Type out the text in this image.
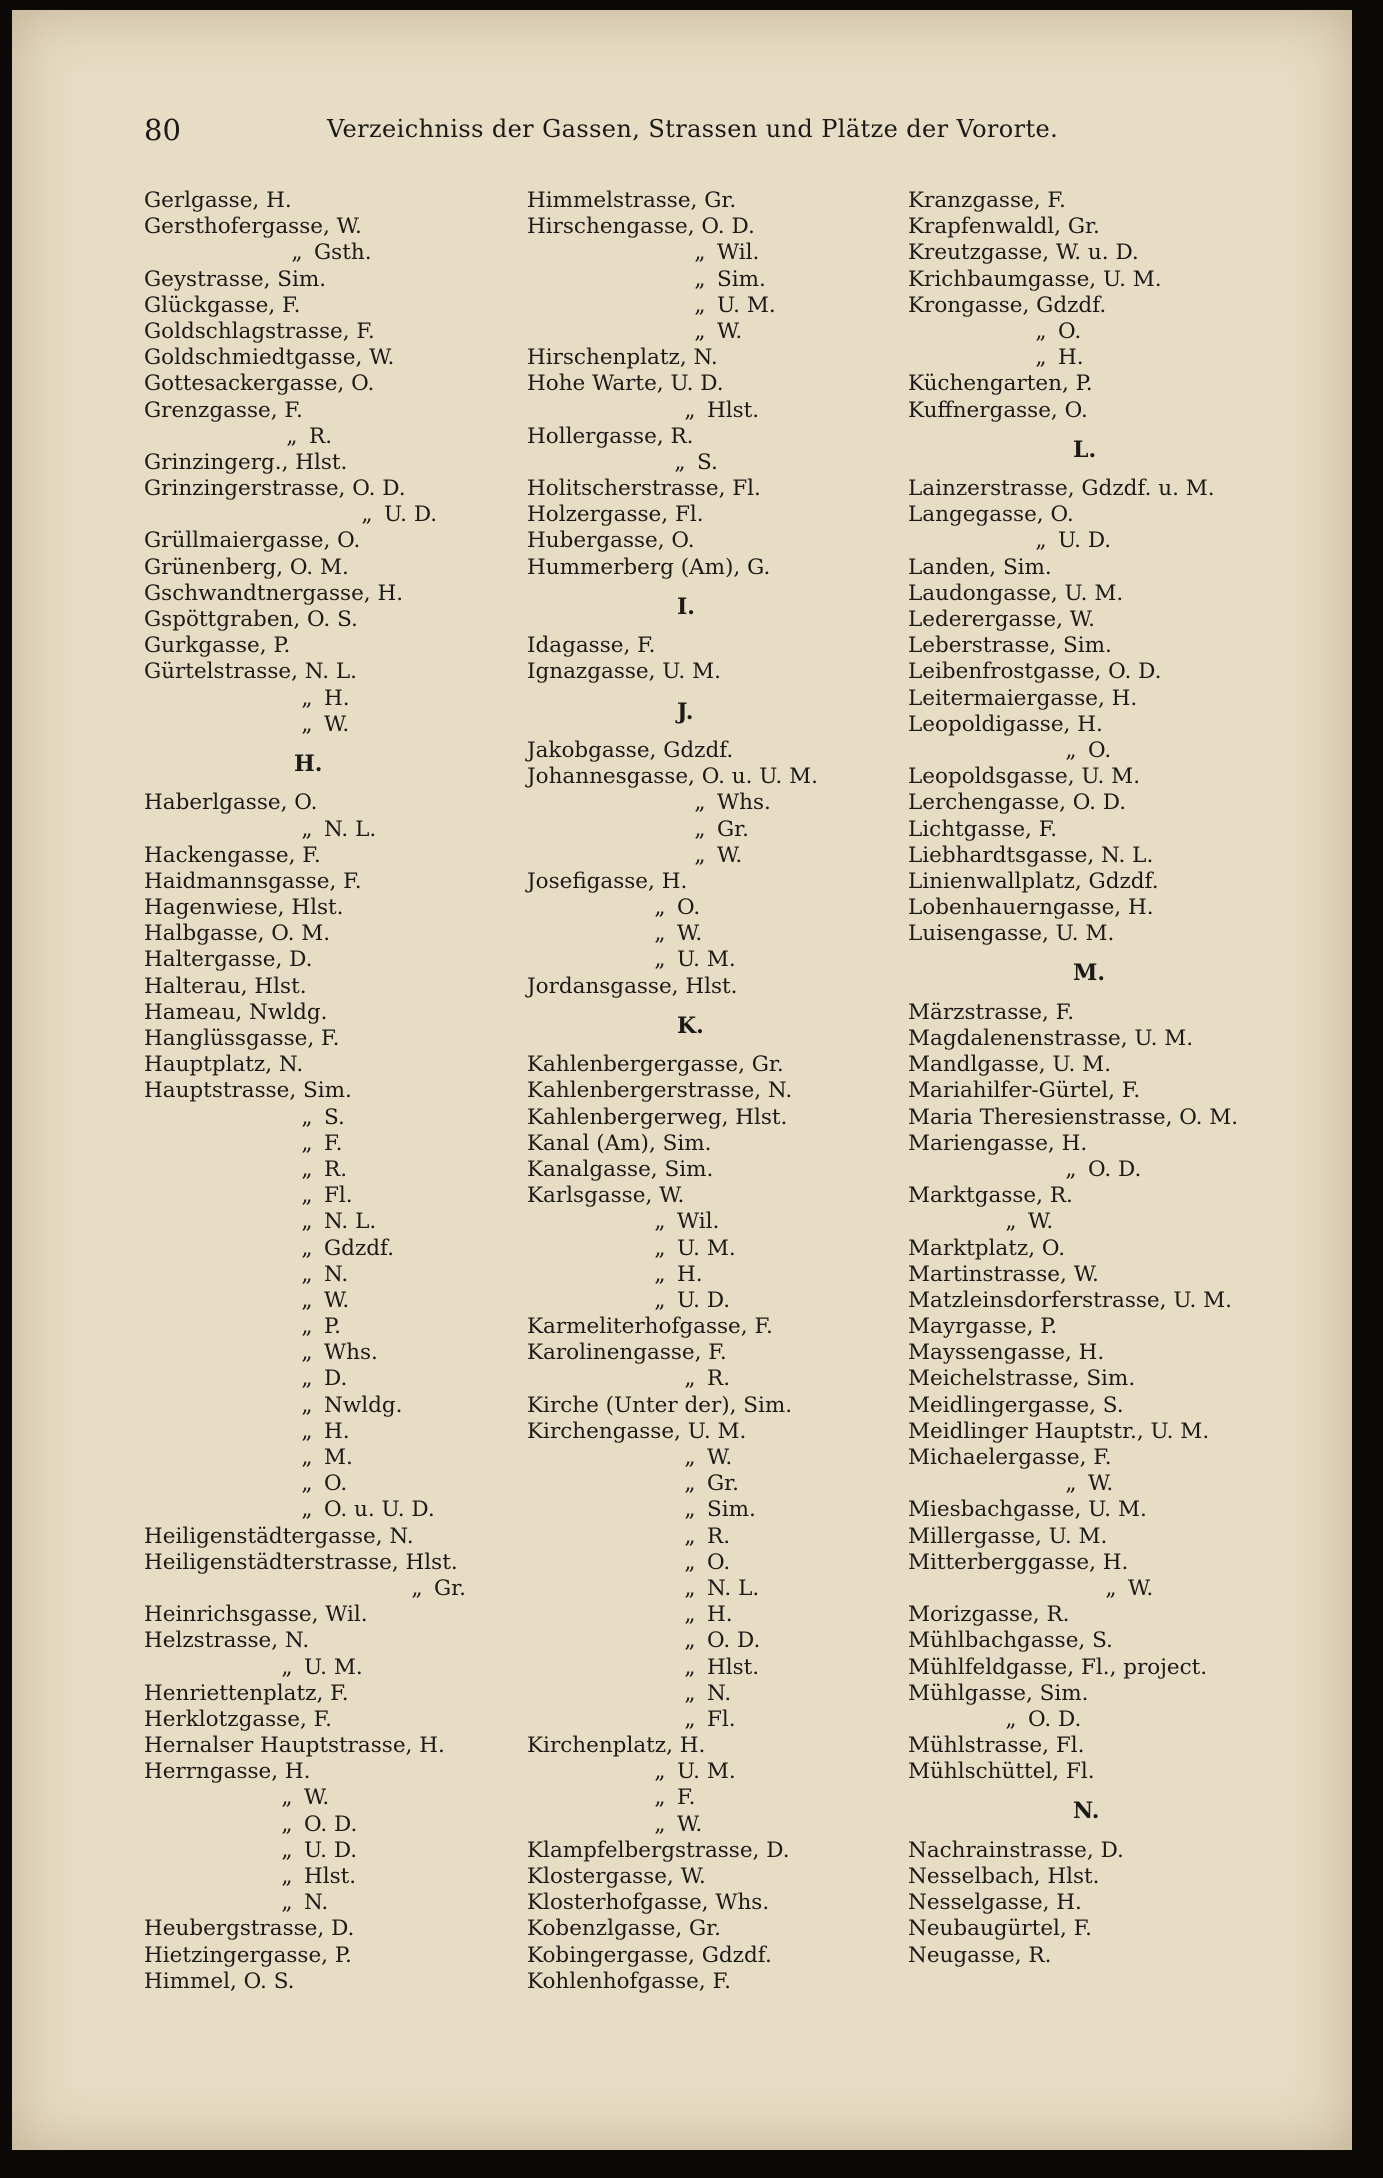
80	Verzeichniss der Gassen, Strassen und Plätze der Vororte.
Gerlgasse, H.
Gersthofergasse, W.
„ Gsth.
Geystrasse, Sim.
Glückgasse, F.
Goldschlagstrasse, F.
Goldschmiedtgasse, W.
Gottesackergasse, O.
Grenzgasse, F.
„ R.
Grinzingerg., Hlst.
Grinzingerstrasse, O. D.
„ U. D.
Grüllmaiergasse, O.
Grünenberg, O. M.
Gschwandtnergasse, H.
Gspöttgraben, O. S.
Gurkgasse, P.
Gürtelstrasse, N. L.
„ H.
„ W.
H.
Haberlgasse, O.
„ N. L.
Hackengasse, F.
Haidmannsgasse, F.
Hagenwiese, Hlst.
Halbgasse, O. M.
Haltergasse, D.
Halterau, Hlst.
Hameau, Nwldg.
Hanglüssgasse, F.
Hauptplatz, N.
Hauptstrasse, Sim.
„ S.
„ F.
„ R.
„ Fl.
„ N. L.
„ Gdzdf.
„ N.
„ W.
„ P.
„ Whs.
„ D.
„ Nwldg.
„ H.
„ M.
„ O.
„ O. u. U. D.
Heiligenstädtergasse, N.
Heiligenstädterstrasse, Hlst.
„ Gr.
Heinrichsgasse, Wil.
Helzstrasse, N.
„ U. M.
Henriettenplatz, F.
Herklotzgasse, F.
Hernalser Hauptstrasse, H.
Herrngasse, H.
„ W.
„ O. D.
„ U. D.
„ Hlst.
„ N.
Heubergstrasse, D.
Hietzingergasse, P.
Himmel, O. S.
Himmelstrasse, Gr.
Hirschengasse, O. D.
„ Wil.
„ Sim.
„ U. M.
„ W.
Hirschenplatz, N.
Hohe Warte, U. D.
„ Hlst.
Hollergasse, R.
„ S.
Holitscherstrasse, Fl.
Holzergasse, Fl.
Hubergasse, O.
Hummerberg (Am), G.
I.
Idagasse, F.
Ignazgasse, U. M.
J.
Jakobgasse, Gdzdf.
Johannesgasse, O. u. U. M.
„ Whs.
„ Gr.
„ W.
Josefigasse, H.
„ O.
„ W.
„ U. M.
Jordansgasse, Hlst.
K.
Kahlenbergergasse, Gr.
Kahlenbergerstrasse, N.
Kahlenbergerweg, Hlst.
Kanal (Am), Sim.
Kanalgasse, Sim.
Karlsgasse, W.
„ Wil.
„ U. M.
„ H.
„ U. D.
Karmeliterhofgasse, F.
Karolinengasse, F.
„ R.
Kirche (Unter der), Sim.
Kirchengasse, U. M.
„ W.
„ Gr.
„ Sim.
„ R.
„ O.
„ N. L.
„ H.
„ O. D.
„ Hlst.
„ N.
„ Fl.
Kirchenplatz, H.
„ U. M.
„ F.
„ W.
Klampfelbergstrasse, D.
Klostergasse, W.
Klosterhofgasse, Whs.
Kobenzlgasse, Gr.
Kobingergasse, Gdzdf.
Kohlenhofgasse, F.
Kranzgasse, F.
Krapfenwaldl, Gr.
Kreutzgasse, W. u. D.
Krichbaumgasse, U. M.
Krongasse, Gdzdf.
„ O.
„ H.
Küchengarten, P.
Kuffnergasse, O.
L.
Lainzerstrasse, Gdzdf. u. M.
Langegasse, O.
„ U. D.
Landen, Sim.
Laudongasse, U. M.
Lederergasse, W.
Leberstrasse, Sim.
Leibenfrostgasse, O. D.
Leitermaiergasse, H.
Leopoldigasse, H.
„ O.
Leopoldsgasse, U. M.
Lerchengasse, O. D.
Lichtgasse, F.
Liebhardtsgasse, N. L.
Linienwallplatz, Gdzdf.
Lobenhauerngasse, H.
Luisengasse, U. M.
M.
Märzstrasse, F.
Magdalenenstrasse, U. M.
Mandlgasse, U. M.
Mariahilfer-Gürtel, F.
Maria Theresienstrasse, O. M.
Mariengasse, H.
„ O. D.
Marktgasse, R.
„ W.
Marktplatz, O.
Martinstrasse, W.
Matzleinsdorferstrasse, U. M.
Mayrgasse, P.
Mayssengasse, H.
Meichelstrasse, Sim.
Meidlingergasse, S.
Meidlinger Hauptstr., U. M.
Michaelergasse, F.
„ W.
Miesbachgasse, U. M.
Millergasse, U. M.
Mitterberggasse, H.
„ W.
Morizgasse, R.
Mühlbachgasse, S.
Mühlfeldgasse, Fl., project.
Mühlgasse, Sim.
„ O. D.
Mühlstrasse, Fl.
Mühlschüttel, Fl.
N.
Nachrainstrasse, D.
Nesselbach, Hlst.
Nesselgasse, H.
Neubaugürtel, F.
Neugasse, R.
